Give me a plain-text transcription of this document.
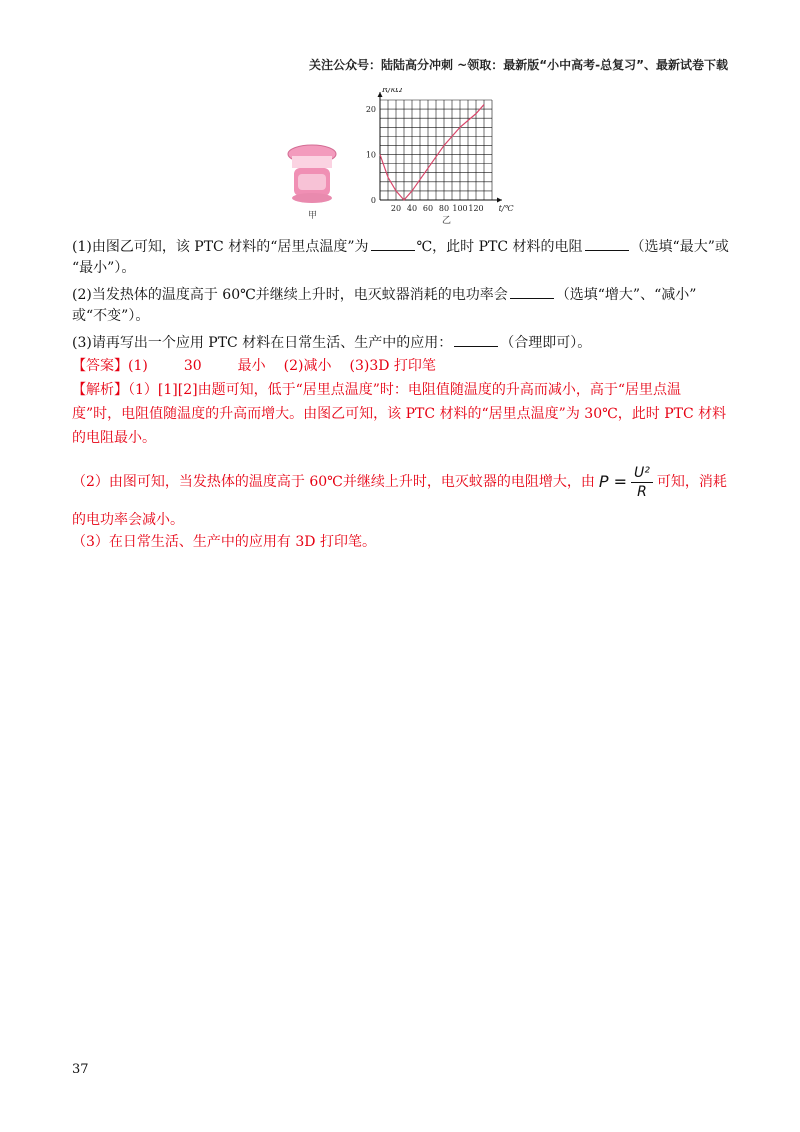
关注公众号：陆陆高分冲刺 ~领取：最新版“小中高考-总复习”、最新试卷下载
甲
20 40 60 80 100 120
0
10
20
t/℃
R/kΩ
乙
(1)由图乙可知，该 PTC 材料的“居里点温度”为	℃，此时 PTC 材料的电阻	（选填“最大”或
“最小”）。
(2)当发热体的温度高于 60℃并继续上升时，电灭蚊器消耗的电功率会	（选填“增大”、“减小”
或“不变”）。
(3)请再写出一个应用 PTC 材料在日常生活、生产中的应用：	（合理即可）。
【答案】(1)	30	最小 (2)减小 (3)3D 打印笔
【解析】（1）[1][2]由题可知，低于“居里点温度”时：电阻值随温度的升高而减小，高于“居里点温
度”时，电阻值随温度的升高而增大。由图乙可知，该 PTC 材料的“居里点温度”为 30℃，此时 PTC 材料
的电阻最小。
（2）由图可知，当发热体的温度高于 60℃并继续上升时，电灭蚊器的电阻增大，由 P
= $\frac{\text{U²}}{R}$ 可知，消耗
的电功率会减小。
（3）在日常生活、生产中的应用有 3D 打印笔。
37
